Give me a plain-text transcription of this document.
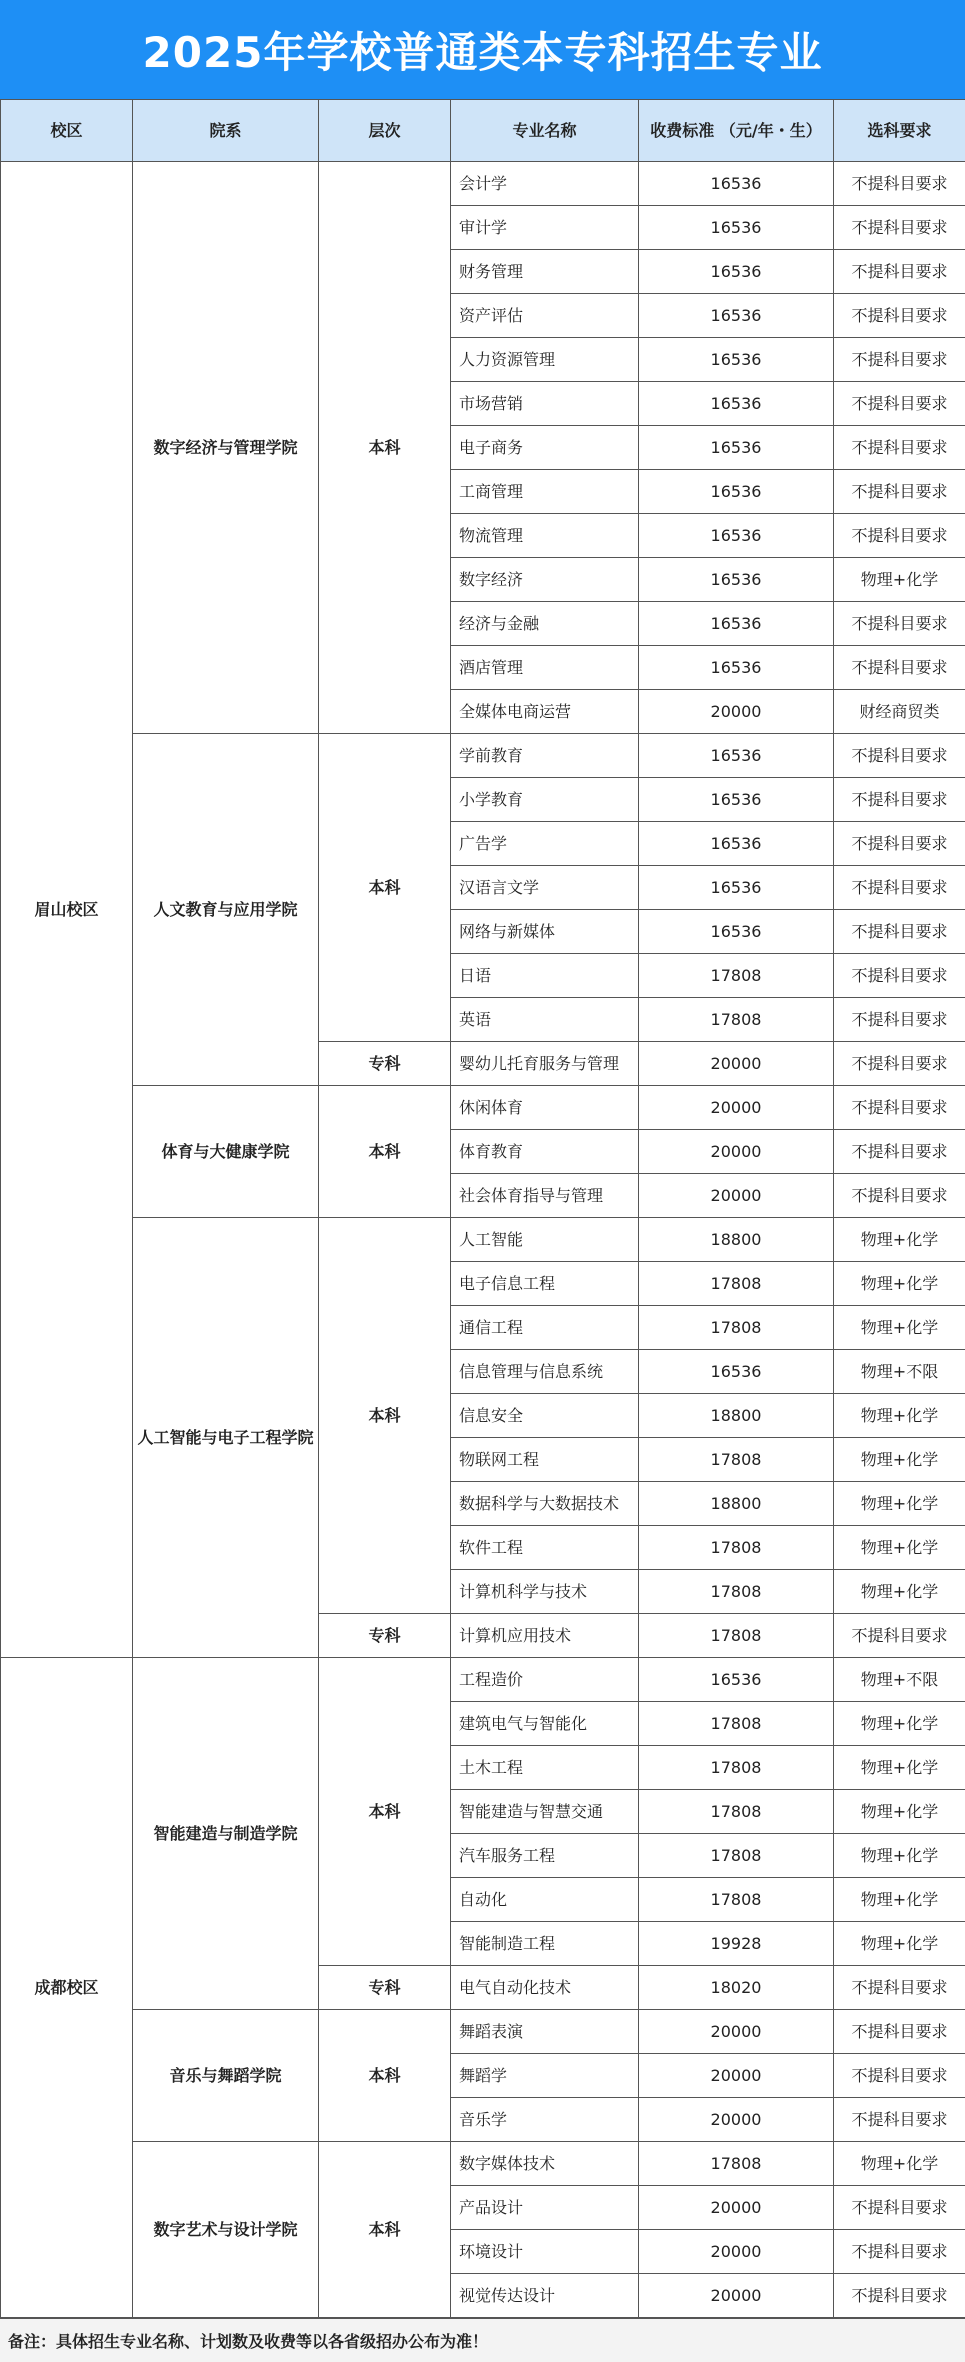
2025年学校普通类本专科招生专业
校区	院系	层次	专业名称	收费标准 （元/年・生）	选科要求
眉山校区	数字经济与管理学院	本科	会计学	16536	不提科目要求
			审计学	16536	不提科目要求
			财务管理	16536	不提科目要求
			资产评估	16536	不提科目要求
			人力资源管理	16536	不提科目要求
			市场营销	16536	不提科目要求
			电子商务	16536	不提科目要求
			工商管理	16536	不提科目要求
			物流管理	16536	不提科目要求
			数字经济	16536	物理+化学
			经济与金融	16536	不提科目要求
			酒店管理	16536	不提科目要求
			全媒体电商运营	20000	财经商贸类
	人文教育与应用学院	本科	学前教育	16536	不提科目要求
			小学教育	16536	不提科目要求
			广告学	16536	不提科目要求
			汉语言文学	16536	不提科目要求
			网络与新媒体	16536	不提科目要求
			日语	17808	不提科目要求
			英语	17808	不提科目要求
		专科	婴幼儿托育服务与管理	20000	不提科目要求
	体育与大健康学院	本科	休闲体育	20000	不提科目要求
			体育教育	20000	不提科目要求
			社会体育指导与管理	20000	不提科目要求
	人工智能与电子工程学院	本科	人工智能	18800	物理+化学
			电子信息工程	17808	物理+化学
			通信工程	17808	物理+化学
			信息管理与信息系统	16536	物理+不限
			信息安全	18800	物理+化学
			物联网工程	17808	物理+化学
			数据科学与大数据技术	18800	物理+化学
			软件工程	17808	物理+化学
			计算机科学与技术	17808	物理+化学
		专科	计算机应用技术	17808	不提科目要求
成都校区	智能建造与制造学院	本科	工程造价	16536	物理+不限
			建筑电气与智能化	17808	物理+化学
			土木工程	17808	物理+化学
			智能建造与智慧交通	17808	物理+化学
			汽车服务工程	17808	物理+化学
			自动化	17808	物理+化学
			智能制造工程	19928	物理+化学
		专科	电气自动化技术	18020	不提科目要求
	音乐与舞蹈学院	本科	舞蹈表演	20000	不提科目要求
			舞蹈学	20000	不提科目要求
			音乐学	20000	不提科目要求
	数字艺术与设计学院	本科	数字媒体技术	17808	物理+化学
			产品设计	20000	不提科目要求
			环境设计	20000	不提科目要求
			视觉传达设计	20000	不提科目要求
备注：具体招生专业名称、计划数及收费等以各省级招办公布为准！
